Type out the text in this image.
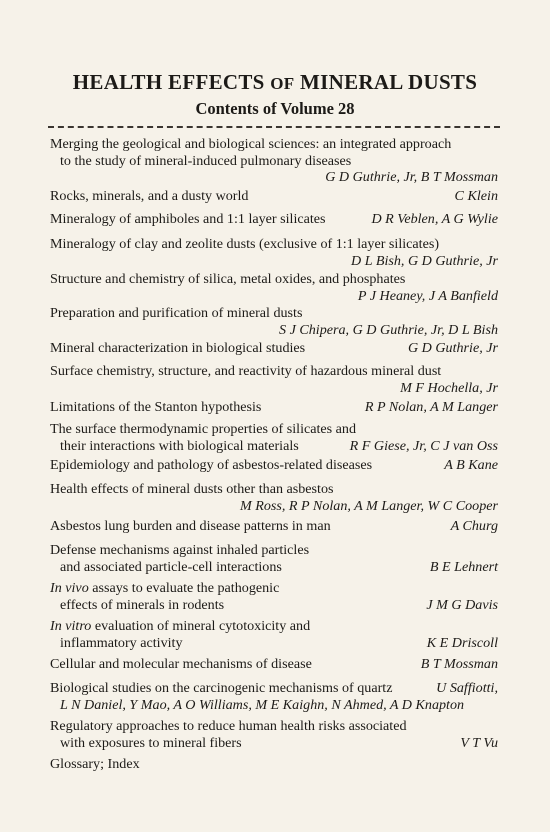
HEALTH EFFECTS OF MINERAL DUSTS
Contents of Volume 28
Merging the geological and biological sciences: an integrated approach
to the study of mineral-induced pulmonary diseases
G D Guthrie, Jr, B T Mossman
Rocks, minerals, and a dusty world	C Klein
Mineralogy of amphiboles and 1:1 layer silicates	D R Veblen, A G Wylie
Mineralogy of clay and zeolite dusts (exclusive of 1:1 layer silicates)
D L Bish, G D Guthrie, Jr
Structure and chemistry of silica, metal oxides, and phosphates
P J Heaney, J A Banfield
Preparation and purification of mineral dusts
S J Chipera, G D Guthrie, Jr, D L Bish
Mineral characterization in biological studies	G D Guthrie, Jr
Surface chemistry, structure, and reactivity of hazardous mineral dust
M F Hochella, Jr
Limitations of the Stanton hypothesis	R P Nolan, A M Langer
The surface thermodynamic properties of silicates and
their interactions with biological materials	R F Giese, Jr, C J van Oss
Epidemiology and pathology of asbestos-related diseases	A B Kane
Health effects of mineral dusts other than asbestos
M Ross, R P Nolan, A M Langer, W C Cooper
Asbestos lung burden and disease patterns in man	A Churg
Defense mechanisms against inhaled particles
and associated particle-cell interactions	B E Lehnert
In vivo assays to evaluate the pathogenic
effects of minerals in rodents	J M G Davis
In vitro evaluation of mineral cytotoxicity and
inflammatory activity	K E Driscoll
Cellular and molecular mechanisms of disease	B T Mossman
Biological studies on the carcinogenic mechanisms of quartz	U Saffiotti,
L N Daniel, Y Mao, A O Williams, M E Kaighn, N Ahmed, A D Knapton
Regulatory approaches to reduce human health risks associated
with exposures to mineral fibers	V T Vu
Glossary; Index
